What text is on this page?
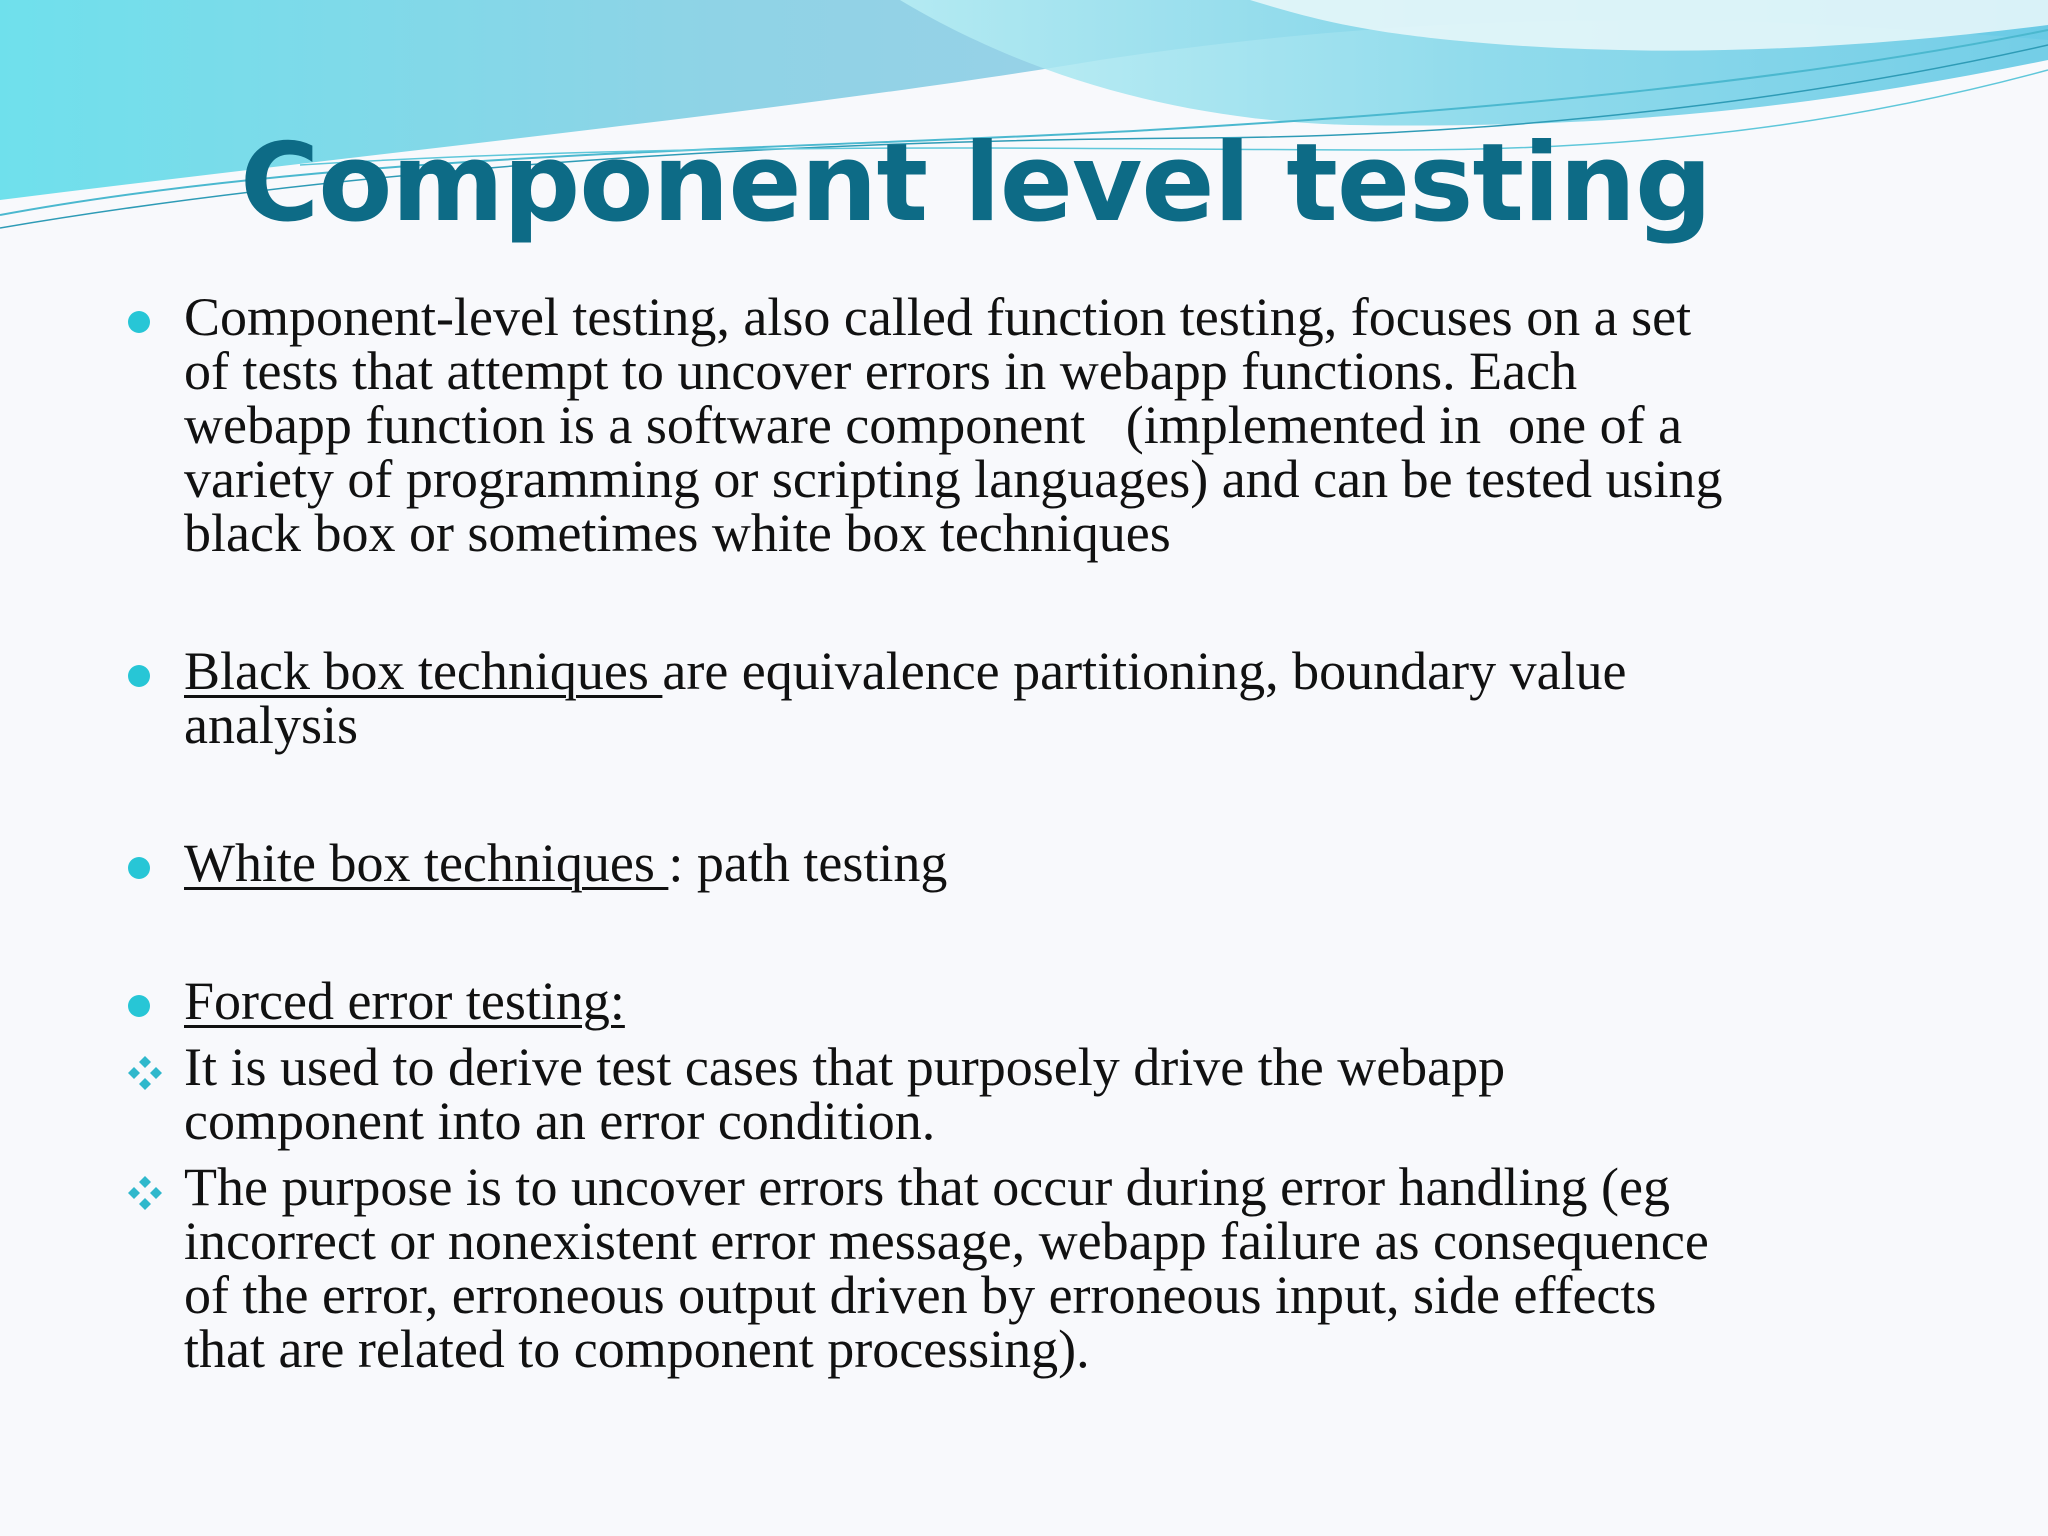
Component level testing
Component-level testing, also called function testing, focuses on a set
of tests that attempt to uncover errors in webapp functions. Each
webapp function is a software component   (implemented in  one of a
variety of programming or scripting languages) and can be tested using
black box or sometimes white box techniques
Black box techniques are equivalence partitioning, boundary value
analysis
White box techniques : path testing
Forced error testing:
It is used to derive test cases that purposely drive the webapp
component into an error condition.
The purpose is to uncover errors that occur during error handling (eg
incorrect or nonexistent error message, webapp failure as consequence
of the error, erroneous output driven by erroneous input, side effects
that are related to component processing).
